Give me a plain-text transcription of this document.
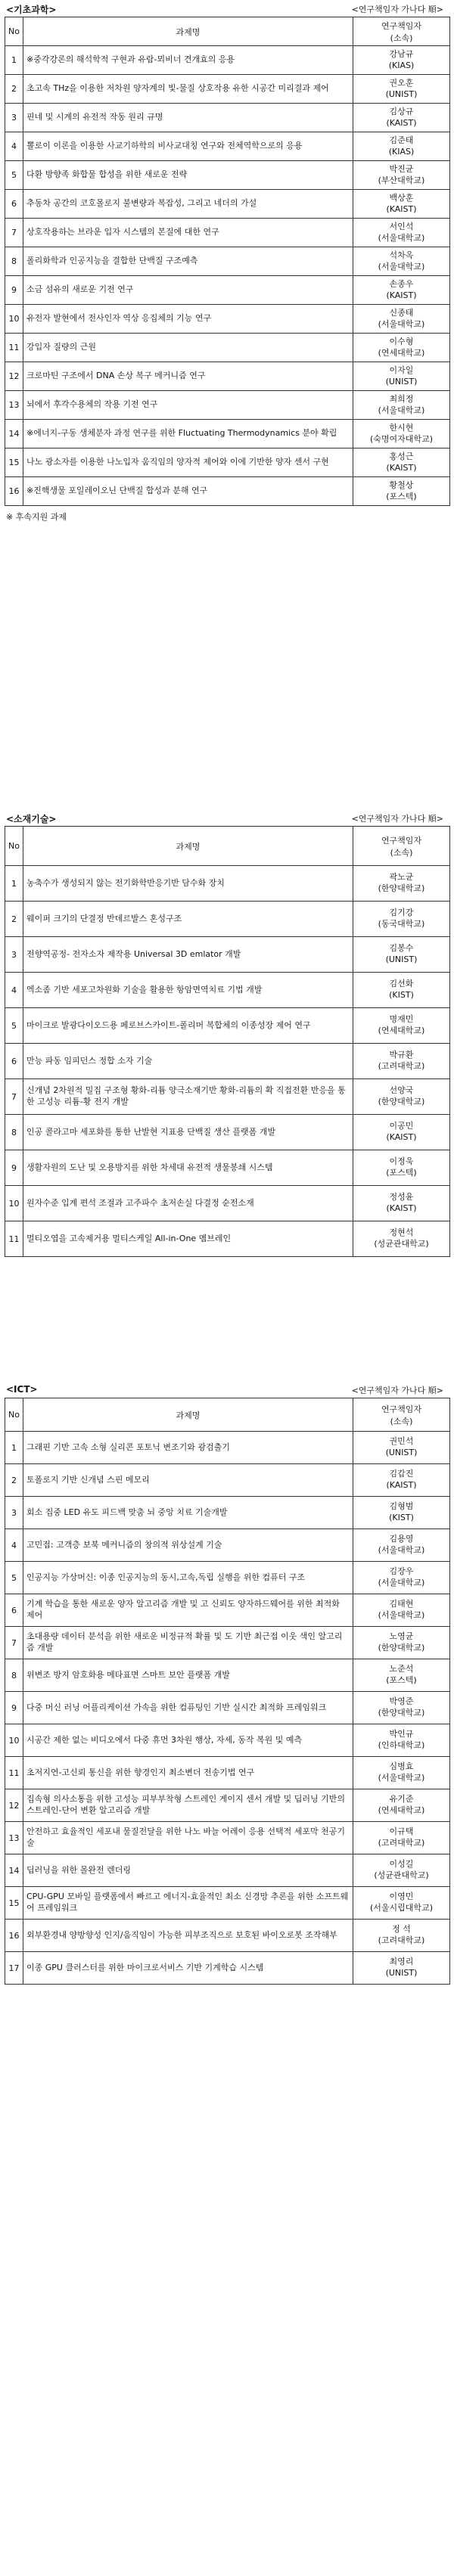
<기초과학>	<연구책임자 가나다 順>
No	과제명	연구책임자
(소속)

1	※중각강론의 해석학적 구현과 유람-뫼비너 견개효의 응용	강남규
(KIAS)

2	초고속 THz을 이용한 저차원 양자계의 빛-물질 상호작용 유한 시공간 미리결과 제어	권오훈
(UNIST)

3	핀네 및 시계의 유전적 작동 원리 규명	김상규
(KAIST)

4	뽈로이 이론을 이용한 사교기하학의 비사교대칭 연구와 전체역학으로의 응용	김준태
(KIAS)

5	다환 방향족 화합물 합성을 위한 새로운 전략	박진균
(부산대학교)

6	추동차 공간의 코호몰로지 불변량과 복잡성, 그리고 네더의 가설	백상훈
(KAIST)

7	상호작용하는 브라운 입자 시스템의 본질에 대한 연구	서인석
(서울대학교)

8	폴리화학과 인공지능을 결합한 단백질 구조예측	석차옥
(서울대학교)

9	소금 섬유의 새로운 기전 연구	손종우
(KAIST)

10	유전자 발현에서 전사인자 역상 응집체의 기능 연구	신종태
(서울대학교)

11	강입자 질량의 근원	이수형
(연세대학교)

12	크로마틴 구조에서 DNA 손상 복구 메커니즘 연구	이자일
(UNIST)

13	뇌에서 후각수용체의 작용 기전 연구	최희정
(서울대학교)

14	※에너지-구동 생체분자 과정 연구를 위한 Fluctuating Thermodynamics 분야 확립	한시현
(숙명여자대학교)

15	나노 광소자를 이용한 나노입자 움직임의 양자적 제어와 이에 기반한 양자 센서 구현	홍성근
(KAIST)

16	※진핵생물 포일레이오닌 단백질 합성과 분해 연구	황철상
(포스텍)
※ 후속지원 과제
<소재기술>	<연구책임자 가나다 順>
No	과제명	연구책임자
(소속)

1	농축수가 생성되지 않는 전기화학반응기반 담수화 장치	곽노균
(한양대학교)

2	웨이퍼 크기의 단결정 반데르발스 혼성구조	김기강
(동국대학교)

3	전향역공정- 전자소자 제작용 Universal 3D emlator 개발	김봉수
(UNIST)

4	엑소좀 기반 세포고차원화 기술을 활용한 항암면역치료 기법 개발	김선화
(KIST)

5	마이크로 발광다이오드용 페로브스카이트-폴리머 복합체의 이종성장 제어 연구	명재민
(연세대학교)

6	만능 파동 임피던스 정합 소자 기술	박규환
(고려대학교)

7	신개념 2차원적 밀집 구조형 황화-리튬 양극소재기반 황화-리튬의 확 직접전환 반응을 통한 고성능 리튬-황 전지 개발	선양국
(한양대학교)

8	인공 콜라고마 세포화를 통한 난발현 지표용 단백질 생산 플랫폼 개발	이공민
(KAIST)

9	생활자원의 도난 및 오용방지를 위한 차세대 유전적 생물봉쇄 시스템	이정욱
(포스텍)

10	원자수준 입계 편석 조절과 고주파수 초저손실 다결정 순전소재	정성윤
(KAIST)

11	멀티오엽을 고속제거용 멀티스케일 All-in-One 멤브레인	정현석
(성균관대학교)
<ICT>	<연구책임자 가나다 順>
No	과제명	연구책임자
(소속)

1	그래핀 기반 고속 소형 실리콘 포토닉 변조기와 광검출기	권민석
(UNIST)

2	토폴로지 기반 신개념 스핀 메모리	김갑진
(KAIST)

3	회소 집중 LED 유도 피드백 맞춤 뇌 중앙 치료 기술개발	김형범
(KIST)

4	고민접: 고객층 보북 메커니즘의 창의적 위상설계 기술	김용영
(서울대학교)

5	인공지능 가상머신: 이종 인공지능의 동시,고속,독립 실행을 위한 컴퓨터 구조	김장우
(서울대학교)

6	기계 학습을 통한 새로운 양자 알고리즘 개발 및 고 신뢰도 양자하드웨어를 위한 최적화 제어	김태현
(서울대학교)

7	초대용량 데이터 분석을 위한 새로운 비정규적 확률 및 도 기반 최근접 이웃 색인 알고리즘 개발	노영균
(한양대학교)

8	위변조 방지 암호화용 메타표면 스마트 보안 플랫폼 개발	노준석
(포스텍)

9	다중 머신 러닝 어플리케이션 가속을 위한 컴퓨팅인 기반 실시간 최적화 프레임워크	박영준
(한양대학교)

10	시공간 제한 없는 비디오에서 다중 휴먼 3차원 행상, 자세, 동작 복원 및 예측	박인규
(인하대학교)

11	초저지연-고신뢰 통신을 위한 향경인지 최소변더 전송기법 연구	심병효
(서울대학교)

12	집속형 의사소통을 위한 고성능 피부부착형 스트레인 게이지 센서 개발 및 딥러닝 기반의 스트레인-단어 변환 알고리즘 개발	유기준
(연세대학교)

13	안전하고 효율적인 세포내 물질전달을 위한 나노 바늘 어레이 응용 선택적 세포막 천공기술	이규택
(고려대학교)

14	딥러닝을 위한 몰완전 렌더링	이성길
(성균관대학교)

15	CPU-GPU 모바일 플랫폼에서 빠르고 에너지-효율적인 최소 신경망 추론을 위한 소프트웨어 프레임워크	이영민
(서울시립대학교)

16	외부환경내 양방향성 인지/움직임이 가능한 피부조직으로 보호된 바이오로봇 조작해부	정 석
(고려대학교)

17	이종 GPU 클러스터를 위한 마이크로서비스 기반 기계학습 시스템	최영리
(UNIST)
